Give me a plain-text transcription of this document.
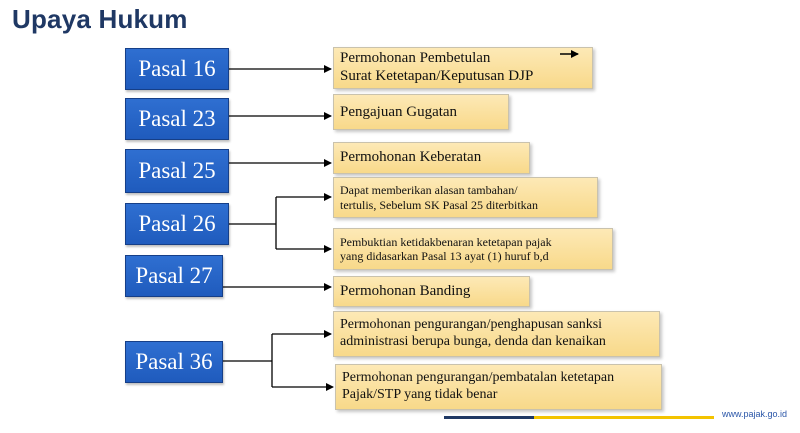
Upaya Hukum
Pasal 16
Pasal 23
Pasal 25
Pasal 26
Pasal 27
Pasal 36
Permohonan Pembetulan
Surat Ketetapan/Keputusan DJP
Pengajuan Gugatan
Permohonan Keberatan
Dapat memberikan alasan tambahan/
tertulis, Sebelum SK Pasal 25 diterbitkan
Pembuktian ketidakbenaran ketetapan pajak
yang didasarkan Pasal 13 ayat (1) huruf b,d
Permohonan Banding
Permohonan pengurangan/penghapusan sanksi
administrasi berupa bunga, denda dan kenaikan
Permohonan pengurangan/pembatalan ketetapan
Pajak/STP yang tidak benar
www.pajak.go.id
